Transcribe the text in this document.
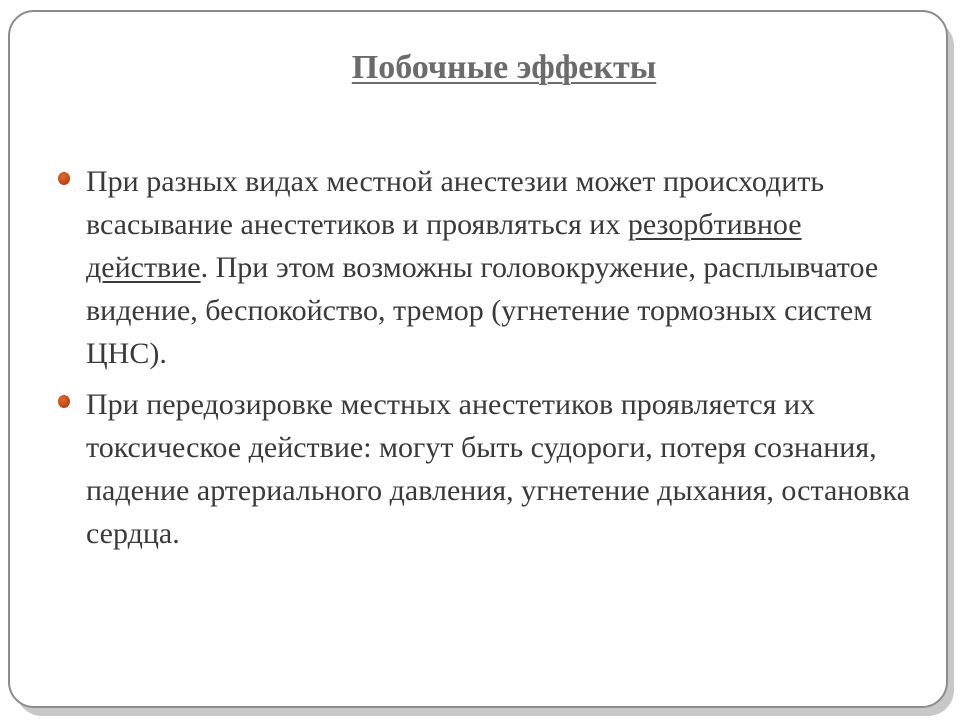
Побочные эффекты
При разных видах местной анестезии может происходить всасывание анестетиков и проявляться их резорбтивное действие. При этом возможны головокружение, расплывчатое видение, беспокойство, тремор (угнетение тормозных систем ЦНС).
При передозировке местных анестетиков проявляется их токсическое действие: могут быть судороги, потеря сознания, падение артериального давления, угнетение дыхания, остановка сердца.
